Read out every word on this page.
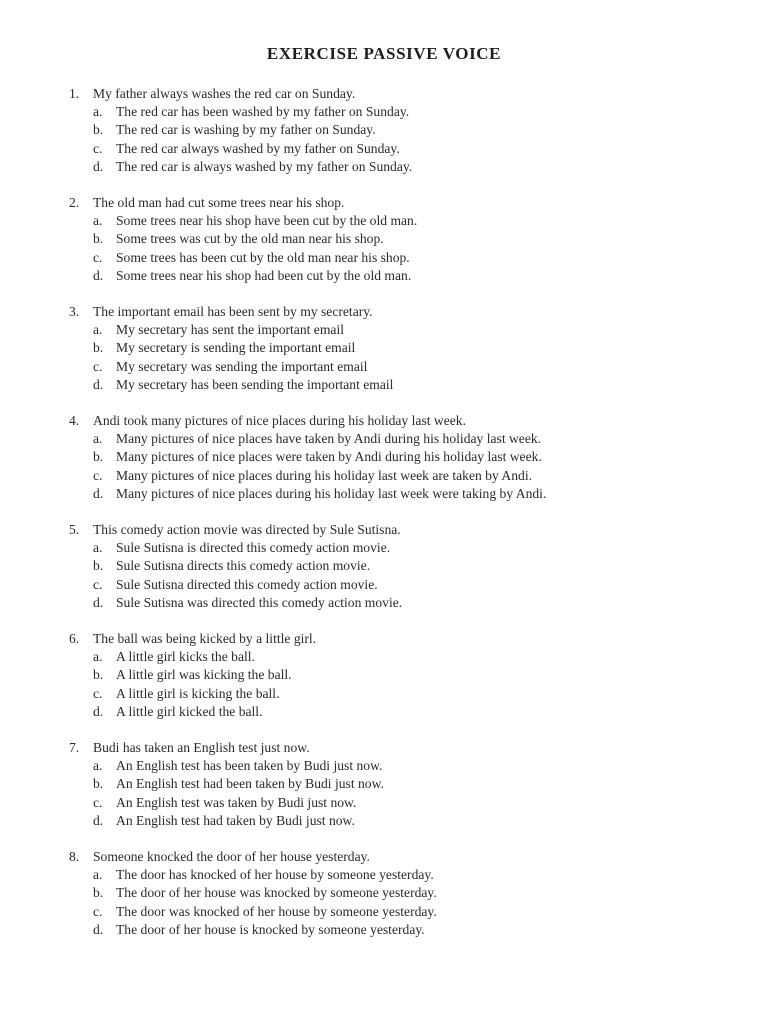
EXERCISE PASSIVE VOICE
1. My father always washes the red car on Sunday.
a. The red car has been washed by my father on Sunday.
b. The red car is washing by my father on Sunday.
c. The red car always washed by my father on Sunday.
d. The red car is always washed by my father on Sunday.
2. The old man had cut some trees near his shop.
a. Some trees near his shop have been cut by the old man.
b. Some trees was cut by the old man near his shop.
c. Some trees has been cut by the old man near his shop.
d. Some trees near his shop had been cut by the old man.
3. The important email has been sent by my secretary.
a. My secretary has sent the important email
b. My secretary is sending the important email
c. My secretary was sending the important email
d. My secretary has been sending the important email
4. Andi took many pictures of nice places during his holiday last week.
a. Many pictures of nice places have taken by Andi during his holiday last week.
b. Many pictures of nice places were taken by Andi during his holiday last week.
c. Many pictures of nice places during his holiday last week are taken by Andi.
d. Many pictures of nice places during his holiday last week were taking by Andi.
5. This comedy action movie was directed by Sule Sutisna.
a. Sule Sutisna is directed this comedy action movie.
b. Sule Sutisna directs this comedy action movie.
c. Sule Sutisna directed this comedy action movie.
d. Sule Sutisna was directed this comedy action movie.
6. The ball was being kicked by a little girl.
a. A little girl kicks the ball.
b. A little girl was kicking the ball.
c. A little girl is kicking the ball.
d. A little girl kicked the ball.
7. Budi has taken an English test just now.
a. An English test has been taken by Budi just now.
b. An English test had been taken by Budi just now.
c. An English test was taken by Budi just now.
d. An English test had taken by Budi just now.
8. Someone knocked the door of her house yesterday.
a. The door has knocked of her house by someone yesterday.
b. The door of her house was knocked by someone yesterday.
c. The door was knocked of her house by someone yesterday.
d. The door of her house is knocked by someone yesterday.
